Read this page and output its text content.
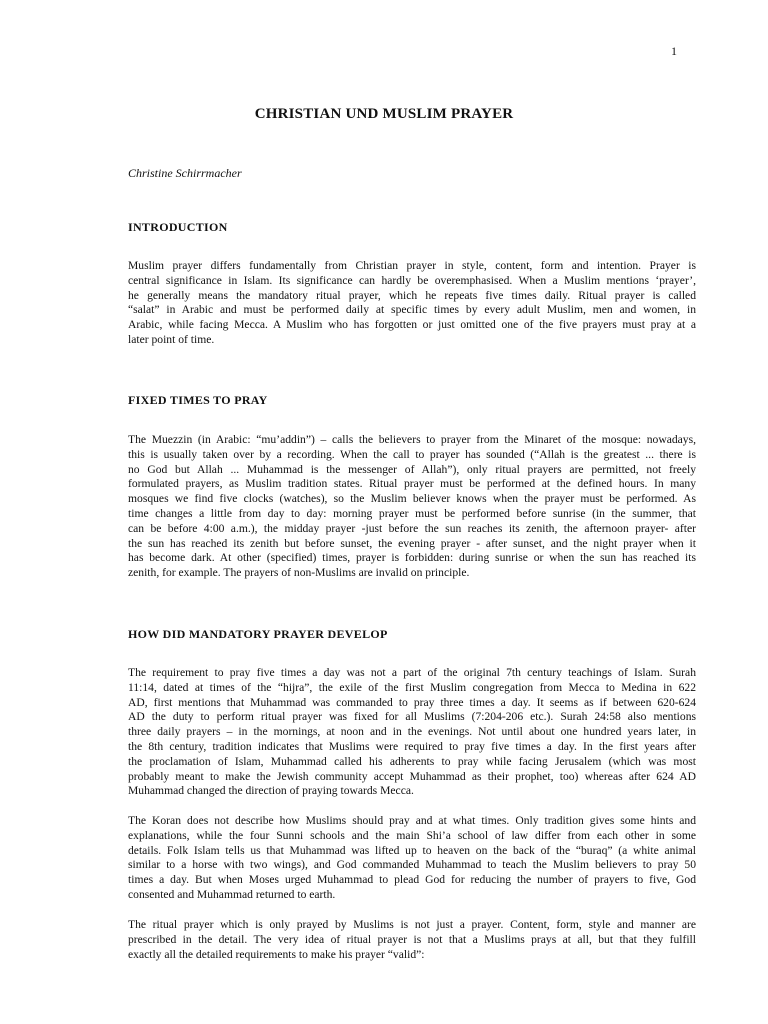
1
CHRISTIAN UND MUSLIM PRAYER
Christine Schirrmacher
INTRODUCTION
Muslim prayer differs fundamentally from Christian prayer in style, content, form and intention. Prayer is
central significance in Islam. Its significance can hardly be overemphasised. When a Muslim mentions ‘prayer’,
he generally means the mandatory ritual prayer, which he repeats five times daily. Ritual prayer is called
“salat” in Arabic and must be performed daily at specific times by every adult Muslim, men and women, in
Arabic, while facing Mecca. A Muslim who has forgotten or just omitted one of the five prayers must pray at a
later point of time.
FIXED TIMES TO PRAY
The Muezzin (in Arabic: “mu’addin”) – calls the believers to prayer from the Minaret of the mosque: nowadays,
this is usually taken over by a recording. When the call to prayer has sounded (“Allah is the greatest ... there is
no God but Allah ... Muhammad is the messenger of Allah”), only ritual prayers are permitted, not freely
formulated prayers, as Muslim tradition states. Ritual prayer must be performed at the defined hours. In many
mosques we find five clocks (watches), so the Muslim believer knows when the prayer must be performed. As
time changes a little from day to day: morning prayer must be performed before sunrise (in the summer, that
can be before 4:00 a.m.), the midday prayer -just before the sun reaches its zenith, the afternoon prayer- after
the sun has reached its zenith but before sunset, the evening prayer - after sunset, and the night prayer when it
has become dark. At other (specified) times, prayer is forbidden: during sunrise or when the sun has reached its
zenith, for example. The prayers of non-Muslims are invalid on principle.
HOW DID MANDATORY PRAYER DEVELOP
The requirement to pray five times a day was not a part of the original 7th century teachings of Islam. Surah
11:14, dated at times of the “hijra”, the exile of the first Muslim congregation from Mecca to Medina in 622
AD, first mentions that Muhammad was commanded to pray three times a day. It seems as if between 620-624
AD the duty to perform ritual prayer was fixed for all Muslims (7:204-206 etc.). Surah 24:58 also mentions
three daily prayers – in the mornings, at noon and in the evenings. Not until about one hundred years later, in
the 8th century, tradition indicates that Muslims were required to pray five times a day. In the first years after
the proclamation of Islam, Muhammad called his adherents to pray while facing Jerusalem (which was most
probably meant to make the Jewish community accept Muhammad as their prophet, too) whereas after 624 AD
Muhammad changed the direction of praying towards Mecca.
The Koran does not describe how Muslims should pray and at what times. Only tradition gives some hints and
explanations, while the four Sunni schools and the main Shi’a school of law differ from each other in some
details. Folk Islam tells us that Muhammad was lifted up to heaven on the back of the “buraq” (a white animal
similar to a horse with two wings), and God commanded Muhammad to teach the Muslim believers to pray 50
times a day. But when Moses urged Muhammad to plead God for reducing the number of prayers to five, God
consented and Muhammad returned to earth.
The ritual prayer which is only prayed by Muslims is not just a prayer. Content, form, style and manner are
prescribed in the detail. The very idea of ritual prayer is not that a Muslims prays at all, but that they fulfill
exactly all the detailed requirements to make his prayer “valid”:
